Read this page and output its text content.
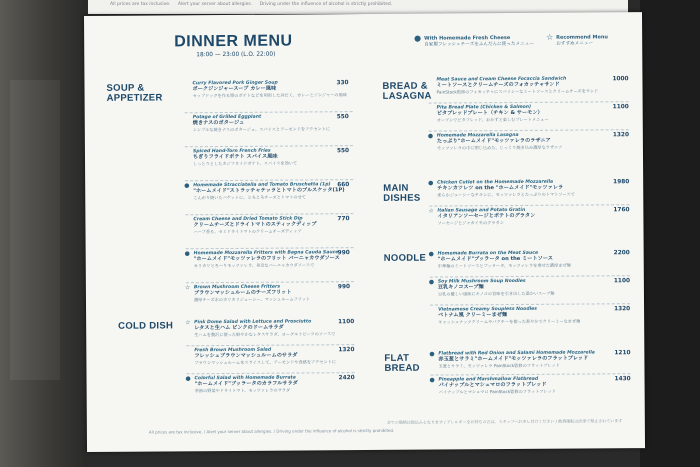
All prices are tax inclusive. Alert your server about allergies. Driving under the influence of alcohol is strictly prohibited.
DINNER MENU
18:00 — 23:00 (L.O. 22:00)
● With Homemade Fresh Cheese
自家製フレッシュチーズをふんだんに使ったメニュー
☆ Recommend Menu
おすすめメニュー
SOUP & APPETIZER
COLD DISH
BREAD & LASAGNA
MAIN DISHES
NOODLE
FLAT BREAD
Curry Flavored Pork Ginger Soup
ポークジンジャースープ カレー風味
セップドッグを作る際のポテトなどを利用した具だく、カレーとジンジャーの風味
330
Potage of Grilled Eggplant
焼きナスのポタージュ
シンプルな焼きナスのポタージュ。スパイスとアーモンドをアクセントに
550
Spiced Hand-Torn French Fries
ちぎりフライドポテト スパイス風味
しっとりとしたカジフライドポテト、スパイスを効いて
550
● Homemade Stracciatella and Tomato Bruschetta (1p)
"ホームメイド"ストラッチャテッラとトマトのブルスケッタ(1P)
こんがり焼いたバゲットに、とろとろチーズとトマトのせて
660
Cream Cheese and Dried Tomato Stick Dip
クリームチーズとドライトマトのスティックディップ
ハーブ香る、セミドライトマトのクリームチーズディップ
770
● Homemade Mozzarella Fritters with Bagna Cauda Sauce
"ホームメイド"モッツァレラのフリット バーニャカウダソース
カリカリとろ〜りモッツァレラ、身近なバーニャカウダソースで
990
☆ Brown Mushroom Cheese Fritters
ブラウンマッシュルームのチーズフリット
濃厚チーズ水のカリカリジューシー、マッシュルームフリット
990
☆ Pink Dome Salad with Lettuce and Prosciutto
レタスと生ハム ピンクのドームサラダ
生ハムを贅沢に使った鮮やかなレタスサラダ、ヨーグルトビーツのソースで
1100
Fresh Brown Mushroom Salad
フレッシュブラウンマッシュルームのサラダ
ブラウンマッシュルームをスライスして、アーモンドや食感をアクセントに
1320
● Colorful Salad with Homemade Burrata
"ホームメイド"ブッラータのカラフルサラダ
季節の野菜やドライトマト、モッツァレラのサラダ
2420
Meat Sauce and Cream Cheese Focaccia Sandwich
ミートソースとクリームチーズのフォカッチャサンド
PainStock監修のフォカッチャにスパイシーなミートソースとクリームチーズをサンド
1000
Pita Bread Plate (Chicken & Salmon)
ピタブレッドプレート（チキン & サーモン）
オーブンでピタブレッド、おかずと楽しむプレートメニュー
1100
● Homemade Mozzarella Lasagna
たっぷり"ホームメイド"モッツァレラのラザニア
モッツァレラの中に閉じ込めた、じっくり焼き込み濃厚なラザニア
1320
● Chicken Cutlet on the Homemade Mozzarella
チキンカツレツ on the "ホームメイド"モッツァレラ
柔らかジューシーなチキンに、モッツァレラとたっぷりのトマトソースで
1980
☆ Italian Sausage and Potato Gratin
イタリアンソーセージとポテトのグラタン
ソーセージとジャガイモのグラタン
1760
● Homemade Burrata on the Meat Sauce
"ホームメイド"ブッラータ on the ミートソース
中華麺のミートソースとブッラータ、モッツァレラを乗せた濃厚まぜ麺
2200
● Soy Milk Mushroom Soup Noodles
豆乳キノコスープ麺
豆乳の優しい風味にキノコの旨味を引き出した温かいスープ麺
1100
Vietnamese Creamy Soupless Noodles
ベトナム風 クリーミーまぜ麺
キャッシュナッツクリームやパクチーを使った爽やかでクリーミーなまぜ麺
1320
● Flatbread with Red Onion and Salami Homemade Mozzarella
赤玉葱とサラミ"ホームメイド"モッツァレラのフラットブレッド
玉葱とサラミ、モッツァレラ PainStock監修のフラットブレッド
1210
● Pineapple and Marshmallow Flatbread
パイナップルとマシュマロのフラットブレッド
パイナップルとマシュマロ PainStock監修のフラットブレッド
1430
All prices are tax inclusive. / Alert your server about allergies. / Driving under the influence of alcohol is strictly prohibited.
全ての価格は税込みとなります / アレルギーをお持ちの方は、スタッフへお申し付けください / 飲酒運転は法律で禁止されています
